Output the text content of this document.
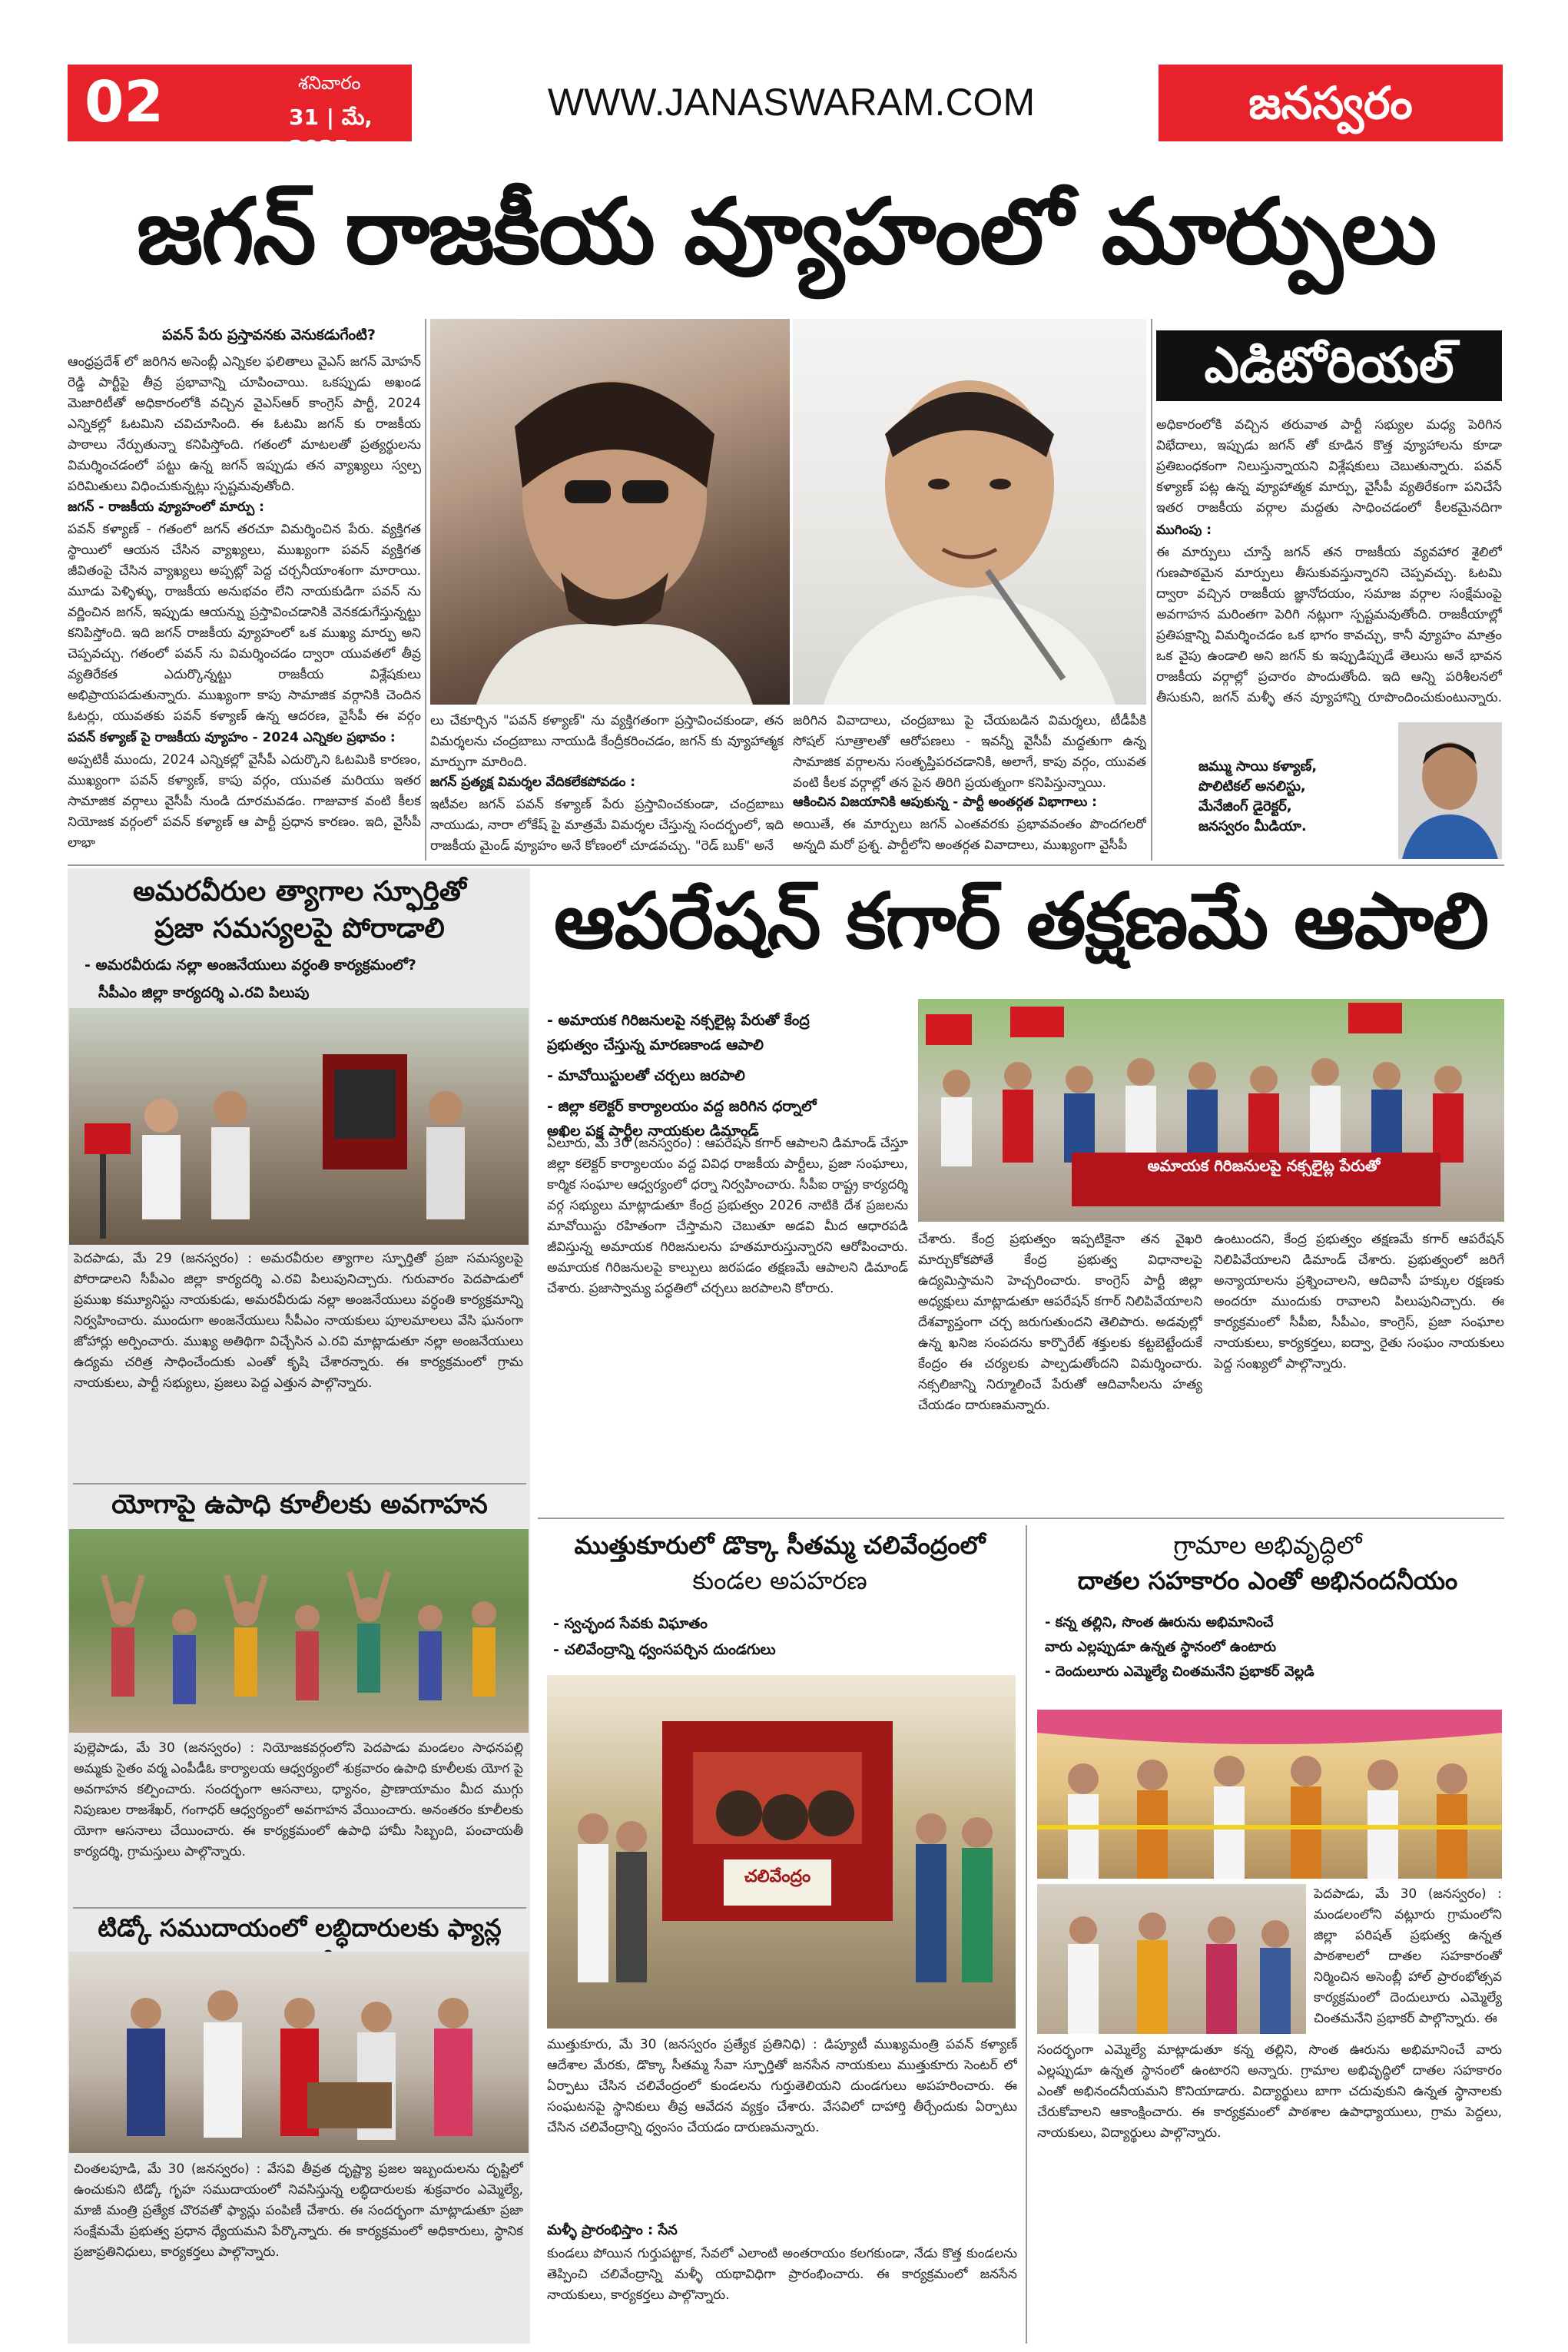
02	శనివారం
31 | మే, 2025
WWW.JANASWARAM.COM	జనస్వరం
జగన్ రాజకీయ వ్యూహంలో మార్పులు
పవన్ పేరు ప్రస్తావనకు వెనుకడుగేంటి?
ఆంధ్రప్రదేశ్ లో జరిగిన అసెంబ్లీ ఎన్నికల ఫలితాలు వైఎస్ జగన్ మోహన్ రెడ్డి పార్టీపై తీవ్ర ప్రభావాన్ని చూపించాయి. ఒకప్పుడు అఖండ మెజారిటీతో అధికారంలోకి వచ్చిన వైఎస్ఆర్ కాంగ్రెస్ పార్టీ, 2024 ఎన్నికల్లో ఓటమిని చవిచూసింది. ఈ ఓటమి జగన్ కు రాజకీయ పాఠాలు నేర్పుతున్నా కనిపిస్తోంది. గతంలో మాటలతో ప్రత్యర్థులను విమర్శించడంలో పట్టు ఉన్న జగన్ ఇప్పుడు తన వ్యాఖ్యలు స్వల్ప పరిమితులు విధించుకున్నట్లు స్పష్టమవుతోంది.
జగన్ - రాజకీయ వ్యూహంలో మార్పు :
పవన్ కళ్యాణ్ - గతంలో జగన్ తరచూ విమర్శించిన పేరు. వ్యక్తిగత స్థాయిలో ఆయన చేసిన వ్యాఖ్యలు, ముఖ్యంగా పవన్ వ్యక్తిగత జీవితంపై చేసిన వ్యాఖ్యలు అప్పట్లో పెద్ద చర్చనీయాంశంగా మారాయి. మూడు పెళ్ళిళ్ళు, రాజకీయ అనుభవం లేని నాయకుడిగా పవన్ ను వర్ణించిన జగన్, ఇప్పుడు ఆయన్ను ప్రస్తావించడానికి వెనకడుగేస్తున్నట్టు కనిపిస్తోంది. ఇది జగన్ రాజకీయ వ్యూహంలో ఒక ముఖ్య మార్పు అని చెప్పవచ్చు. గతంలో పవన్ ను విమర్శించడం ద్వారా యువతలో తీవ్ర వ్యతిరేకత ఎదుర్కొన్నట్టు రాజకీయ విశ్లేషకులు అభిప్రాయపడుతున్నారు. ముఖ్యంగా కాపు సామాజిక వర్గానికి చెందిన ఓటర్లు, యువతకు పవన్ కళ్యాణ్ ఉన్న ఆదరణ, వైసీపీ ఈ వర్గం
పవన్ కళ్యాణ్ పై రాజకీయ వ్యూహం - 2024 ఎన్నికల ప్రభావం :
అప్పటికీ ముందు, 2024 ఎన్నికల్లో వైసీపీ ఎదుర్కొని ఓటమికి కారణం, ముఖ్యంగా పవన్ కళ్యాణ్, కాపు వర్గం, యువత మరియు ఇతర సామాజిక వర్గాలు వైసీపీ నుండి దూరమవడం. గాజువాక వంటి కీలక నియోజక వర్గంలో పవన్ కళ్యాణ్ ఆ పార్టీ ప్రధాన కారణం. ఇది, వైసీపీ లాభా
లు చేకూర్చిన "పవన్ కళ్యాణ్" ను వ్యక్తిగతంగా ప్రస్తావించకుండా, తన విమర్శలను చంద్రబాబు నాయుడి కేంద్రీకరించడం, జగన్ కు వ్యూహాత్మక మార్పుగా మారింది.
జగన్ ప్రత్యక్ష విమర్శల వేదికలేకపోవడం :
ఇటీవల జగన్ పవన్ కళ్యాణ్ పేరు ప్రస్తావించకుండా, చంద్రబాబు నాయుడు, నారా లోకేష్ పై మాత్రమే విమర్శల చేస్తున్న సందర్భంలో, ఇది రాజకీయ మైండ్ వ్యూహం అనే కోణంలో చూడవచ్చు. "రెడ్ బుక్" అనే
జరిగిన వివాదాలు, చంద్రబాబు పై చేయబడిన విమర్శలు, టీడీపీకి సోషల్ సూత్రాలతో ఆరోపణలు - ఇవన్నీ వైసీపీ మద్దతుగా ఉన్న సామాజిక వర్గాలను సంతృప్తిపరచడానికి, అలాగే, కాపు వర్గం, యువత వంటి కీలక వర్గాల్లో తన పైన తిరిగి ప్రయత్నంగా కనిపిస్తున్నాయి.
ఆకించిన విజయానికి ఆపుకున్న - పార్టీ అంతర్గత విభాగాలు :
అయితే, ఈ మార్పులు జగన్ ఎంతవరకు ప్రభావవంతం పొందగలరో అన్నది మరో ప్రశ్న. పార్టీలోని అంతర్గత వివాదాలు, ముఖ్యంగా వైసీపీ
ఎడిటోరియల్
అధికారంలోకి వచ్చిన తరువాత పార్టీ సభ్యుల మధ్య పెరిగిన విభేదాలు, ఇప్పుడు జగన్ తో కూడిన కొత్త వ్యూహాలను కూడా ప్రతిబంధకంగా నిలుస్తున్నాయని విశ్లేషకులు చెబుతున్నారు. పవన్ కళ్యాణ్ పట్ల ఉన్న వ్యూహాత్మక మార్పు, వైసీపీ వ్యతిరేకంగా పనిచేసే ఇతర రాజకీయ వర్గాల మద్దతు సాధించడంలో కీలకమైనదిగా
ముగింపు :
ఈ మార్పులు చూస్తే జగన్ తన రాజకీయ వ్యవహార శైలిలో గుణపాఠమైన మార్పులు తీసుకువస్తున్నారని చెప్పవచ్చు. ఓటమి ద్వారా వచ్చిన రాజకీయ జ్ఞానోదయం, సమాజ వర్గాల సంక్షేమంపై అవగాహన మరింతగా పెరిగి నట్లుగా స్పష్టమవుతోంది. రాజకీయాల్లో ప్రతిపక్షాన్ని విమర్శించడం ఒక భాగం కావచ్చు, కానీ వ్యూహం మాత్రం ఒక వైపు ఉండాలి అని జగన్ కు ఇప్పుడిప్పుడే తెలుసు అనే భావన రాజకీయ వర్గాల్లో ప్రచారం పొందుతోంది. ఇది ఆన్ని పరిశీలనలో తీసుకుని, జగన్ మళ్ళీ తన వ్యూహాన్ని రూపొందించుకుంటున్నారు.
జమ్ము సాయి కళ్యాణ్,
పొలిటికల్ అనలిస్టు,
మేనేజింగ్ డైరెక్టర్,
జనస్వరం మీడియా.
అమరవీరుల త్యాగాల స్ఫూర్తితో
ప్రజా సమస్యలపై పోరాడాలి
- అమరవీరుడు నల్లా అంజనేయులు వర్ధంతి కార్యక్రమంలో?
సీపీఎం జిల్లా కార్యదర్శి ఎ.రవి పిలుపు
పెదపాడు, మే 29 (జనస్వరం) : అమరవీరుల త్యాగాల స్ఫూర్తితో ప్రజా సమస్యలపై పోరాడాలని సీపీఎం జిల్లా కార్యదర్శి ఎ.రవి పిలుపునిచ్చారు. గురువారం పెదపాడులో ప్రముఖ కమ్యూనిస్టు నాయకుడు, అమరవీరుడు నల్లా అంజనేయులు వర్ధంతి కార్యక్రమాన్ని నిర్వహించారు. ముందుగా అంజనేయులు సీపీఎం నాయకులు పూలమాలలు వేసి ఘనంగా జోహార్లు అర్పించారు. ముఖ్య అతిథిగా విచ్చేసిన ఎ.రవి మాట్లాడుతూ నల్లా అంజనేయులు ఉద్యమ చరిత్ర సాధించేందుకు ఎంతో కృషి చేశారన్నారు. ఈ కార్యక్రమంలో గ్రామ నాయకులు, పార్టీ సభ్యులు, ప్రజలు పెద్ద ఎత్తున పాల్గొన్నారు.
యోగాపై ఉపాధి కూలీలకు అవగాహన
పుల్లెపాడు, మే 30 (జనస్వరం) : నియోజకవర్గంలోని పెదపాడు మండలం సాధనపల్లి అమ్మకు సైతం వర్మ ఎంపీడీఓ కార్యాలయ ఆధ్వర్యంలో శుక్రవారం ఉపాధి కూలీలకు యోగ పై అవగాహన కల్పించారు. సందర్భంగా ఆసనాలు, ధ్యానం, ప్రాణాయామం మీద ముగ్గు నిపుణుల రాజశేఖర్, గంగాధర్ ఆధ్వర్యంలో అవగాహన వేయించారు. అనంతరం కూలీలకు యోగా ఆసనాలు చేయించారు. ఈ కార్యక్రమంలో ఉపాధి హామీ సిబ్బంది, పంచాయతీ కార్యదర్శి, గ్రామస్తులు పాల్గొన్నారు.
టిడ్కో సముదాయంలో లబ్ధిదారులకు ఫ్యాన్ల
చింతలపూడి, మే 30 (జనస్వరం) : వేసవి తీవ్రత దృష్ట్యా ప్రజల ఇబ్బందులను దృష్టిలో ఉంచుకుని టిడ్కో గృహ సముదాయంలో నివసిస్తున్న లబ్ధిదారులకు శుక్రవారం ఎమ్మెల్యే, మాజీ మంత్రి ప్రత్యేక చొరవతో ఫ్యాన్లు పంపిణీ చేశారు. ఈ సందర్భంగా మాట్లాడుతూ ప్రజా సంక్షేమమే ప్రభుత్వ ప్రధాన ధ్యేయమని పేర్కొన్నారు. ఈ కార్యక్రమంలో అధికారులు, స్థానిక ప్రజాప్రతినిధులు, కార్యకర్తలు పాల్గొన్నారు.
ఆపరేషన్ కగార్ తక్షణమే ఆపాలి
- అమాయక గిరిజనులపై నక్సలైట్ల పేరుతో కేంద్ర
ప్రభుత్వం చేస్తున్న మారణకాండ ఆపాలి
- మావోయిస్టులతో చర్చలు జరపాలి
- జిల్లా కలెక్టర్ కార్యాలయం వద్ద జరిగిన ధర్నాలో
అఖిల పక్ష పార్టీల నాయకుల డిమాండ్
అమాయక గిరిజనులపై నక్సలైట్ల పేరుతో
ఏలూరు, మే 30 (జనస్వరం) : ఆపరేషన్ కగార్ ఆపాలని డిమాండ్ చేస్తూ జిల్లా కలెక్టర్ కార్యాలయం వద్ద వివిధ రాజకీయ పార్టీలు, ప్రజా సంఘాలు, కార్మిక సంఘాల ఆధ్వర్యంలో ధర్నా నిర్వహించారు. సీపీఐ రాష్ట్ర కార్యదర్శి వర్గ సభ్యులు మాట్లాడుతూ కేంద్ర ప్రభుత్వం 2026 నాటికి దేశ ప్రజలను మావోయిస్టు రహితంగా చేస్తామని చెబుతూ అడవి మీద ఆధారపడి జీవిస్తున్న అమాయక గిరిజనులను హతమారుస్తున్నారని ఆరోపించారు. అమాయక గిరిజనులపై కాల్పులు జరపడం తక్షణమే ఆపాలని డిమాండ్ చేశారు. ప్రజాస్వామ్య పద్ధతిలో చర్చలు జరపాలని కోరారు.
చేశారు. కేంద్ర ప్రభుత్వం ఇప్పటికైనా తన వైఖరి మార్చుకోకపోతే కేంద్ర ప్రభుత్వ విధానాలపై ఉద్యమిస్తామని హెచ్చరించారు. కాంగ్రెస్ పార్టీ జిల్లా అధ్యక్షులు మాట్లాడుతూ ఆపరేషన్ కగార్ నిలిపివేయాలని దేశవ్యాప్తంగా చర్చ జరుగుతుందని తెలిపారు. అడవుల్లో ఉన్న ఖనిజ సంపదను కార్పొరేట్ శక్తులకు కట్టబెట్టేందుకే కేంద్రం ఈ చర్యలకు పాల్పడుతోందని విమర్శించారు. నక్సలిజాన్ని నిర్మూలించే పేరుతో ఆదివాసీలను హత్య చేయడం దారుణమన్నారు.
ఉంటుందని, కేంద్ర ప్రభుత్వం తక్షణమే కగార్ ఆపరేషన్ నిలిపివేయాలని డిమాండ్ చేశారు. ప్రభుత్వంలో జరిగే అన్యాయాలను ప్రశ్నించాలని, ఆదివాసీ హక్కుల రక్షణకు అందరూ ముందుకు రావాలని పిలుపునిచ్చారు. ఈ కార్యక్రమంలో సీపీఐ, సీపీఎం, కాంగ్రెస్, ప్రజా సంఘాల నాయకులు, కార్యకర్తలు, ఐద్వా, రైతు సంఘం నాయకులు పెద్ద సంఖ్యలో పాల్గొన్నారు.
ముత్తుకూరులో డొక్కా సీతమ్మ చలివేంద్రంలో
కుండల అపహరణ
- స్వచ్ఛంద సేవకు విఘాతం
- చలివేంద్రాన్ని ధ్వంసపర్చిన దుండగులు
చలివేంద్రం
ముత్తుకూరు, మే 30 (జనస్వరం ప్రత్యేక ప్రతినిధి) : డిప్యూటీ ముఖ్యమంత్రి పవన్ కళ్యాణ్ ఆదేశాల మేరకు, డొక్కా సీతమ్మ సేవా స్ఫూర్తితో జనసేన నాయకులు ముత్తుకూరు సెంటర్ లో ఏర్పాటు చేసిన చలివేంద్రంలో కుండలను గుర్తుతెలియని దుండగులు అపహరించారు. ఈ సంఘటనపై స్థానికులు తీవ్ర ఆవేదన వ్యక్తం చేశారు. వేసవిలో దాహార్తి తీర్చేందుకు ఏర్పాటు చేసిన చలివేంద్రాన్ని ధ్వంసం చేయడం దారుణమన్నారు.
మళ్ళీ ప్రారంభిస్తాం : సేన
కుండలు పోయిన గుర్తుపట్టాక, సేవలో ఎలాంటి అంతరాయం కలగకుండా, నేడు కొత్త కుండలను తెప్పించి చలివేంద్రాన్ని మళ్ళీ యథావిధిగా ప్రారంభించారు. ఈ కార్యక్రమంలో జనసేన నాయకులు, కార్యకర్తలు పాల్గొన్నారు.
గ్రామాల అభివృద్ధిలో
దాతల సహకారం ఎంతో అభినందనీయం
- కన్న తల్లిని, సొంత ఊరును అభిమానించే
వారు ఎల్లప్పుడూ ఉన్నత స్థానంలో ఉంటారు
- దెందులూరు ఎమ్మెల్యే చింతమనేని ప్రభాకర్ వెల్లడి
పెదపాడు, మే 30 (జనస్వరం) : మండలంలోని వట్లూరు గ్రామంలోని జిల్లా పరిషత్ ప్రభుత్వ ఉన్నత పాఠశాలలో దాతల సహకారంతో నిర్మించిన అసెంబ్లీ హాల్ ప్రారంభోత్సవ కార్యక్రమంలో దెందులూరు ఎమ్మెల్యే చింతమనేని ప్రభాకర్ పాల్గొన్నారు. ఈ
సందర్భంగా ఎమ్మెల్యే మాట్లాడుతూ కన్న తల్లిని, సొంత ఊరును అభిమానించే వారు ఎల్లప్పుడూ ఉన్నత స్థానంలో ఉంటారని అన్నారు. గ్రామాల అభివృద్ధిలో దాతల సహకారం ఎంతో అభినందనీయమని కొనియాడారు. విద్యార్థులు బాగా చదువుకుని ఉన్నత స్థానాలకు చేరుకోవాలని ఆకాంక్షించారు. ఈ కార్యక్రమంలో పాఠశాల ఉపాధ్యాయులు, గ్రామ పెద్దలు, నాయకులు, విద్యార్థులు పాల్గొన్నారు.
